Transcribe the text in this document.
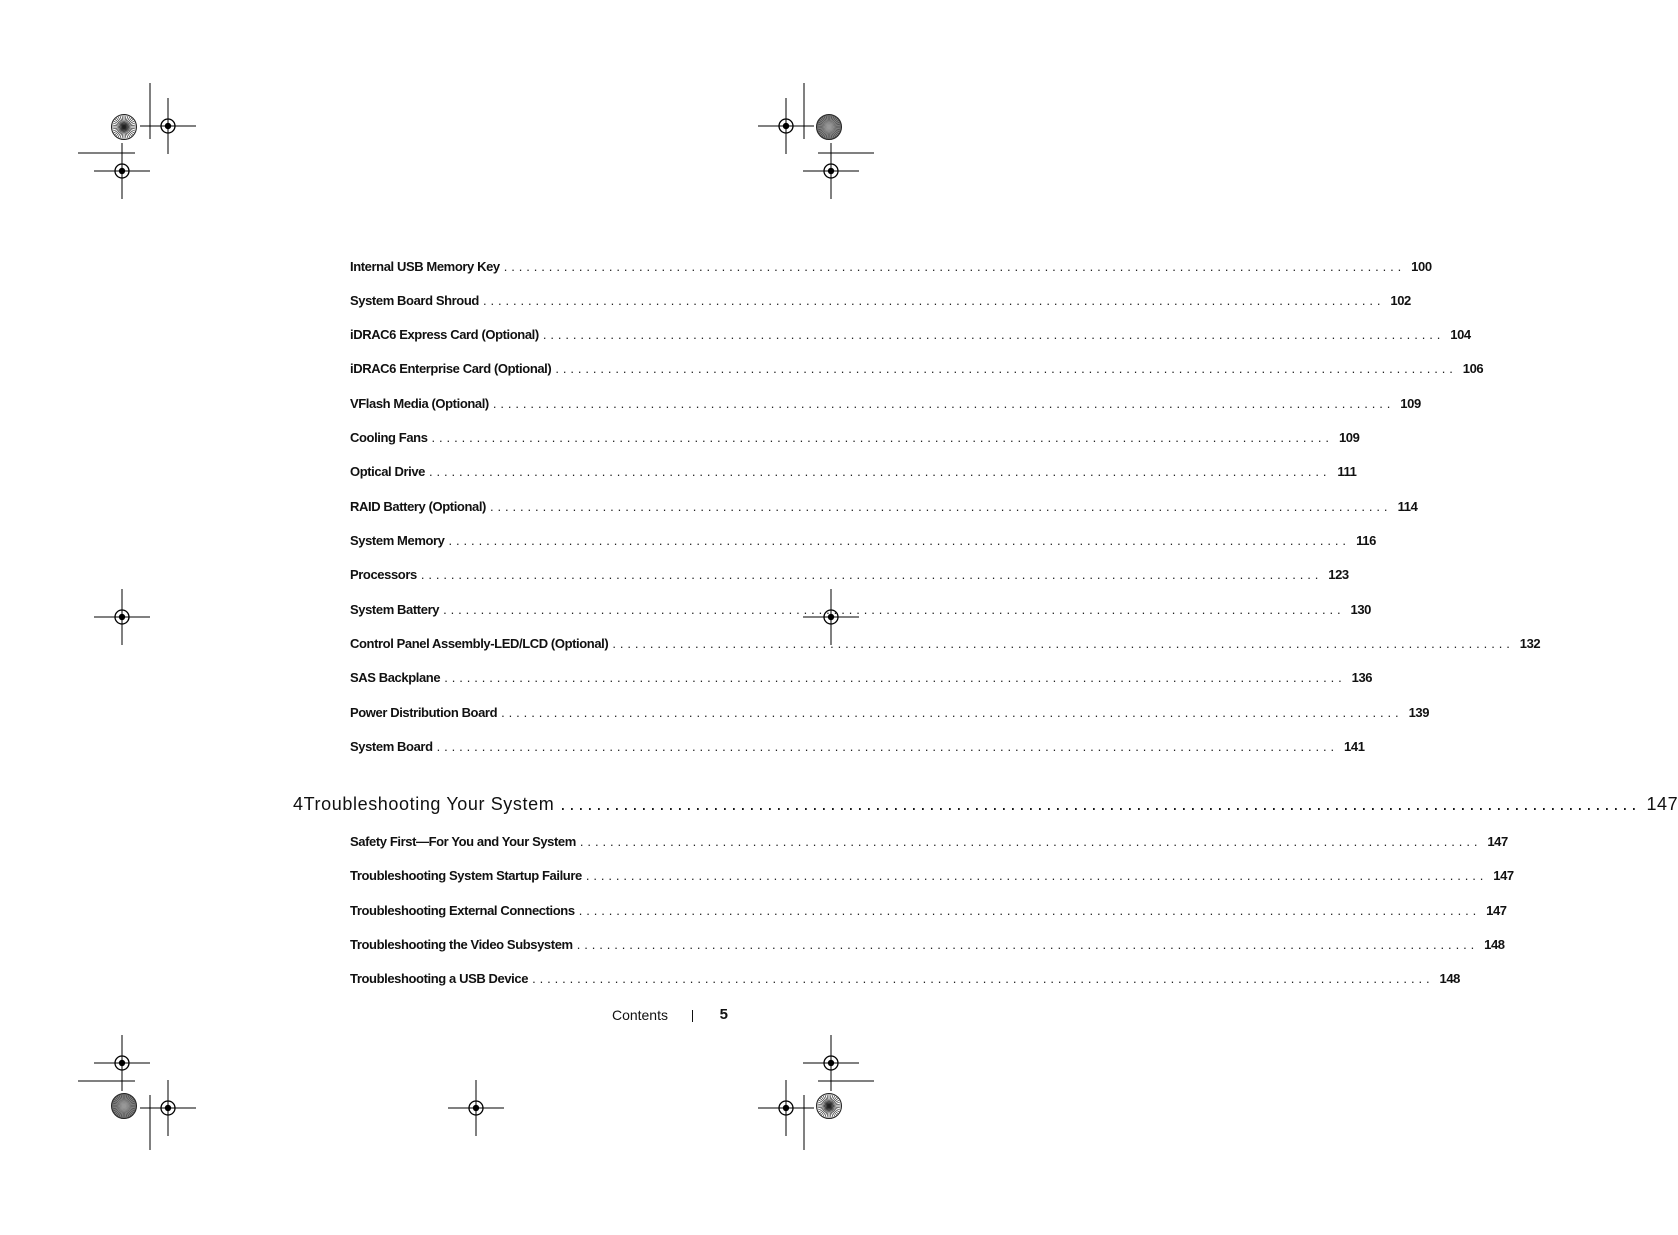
Internal USB Memory Key ........................................................................................................................ 100
System Board Shroud ........................................................................................................................ 102
iDRAC6 Express Card (Optional) ........................................................................................................................ 104
iDRAC6 Enterprise Card (Optional) ........................................................................................................................ 106
VFlash Media (Optional) ........................................................................................................................ 109
Cooling Fans ........................................................................................................................ 109
Optical Drive ........................................................................................................................ 111
RAID Battery (Optional) ........................................................................................................................ 114
System Memory ........................................................................................................................ 116
Processors ........................................................................................................................ 123
System Battery ........................................................................................................................ 130
Control Panel Assembly-LED/LCD (Optional) ........................................................................................................................ 132
SAS Backplane ........................................................................................................................ 136
Power Distribution Board ........................................................................................................................ 139
System Board ........................................................................................................................ 141
Safety First—For You and Your System ........................................................................................................................ 147
Troubleshooting System Startup Failure ........................................................................................................................ 147
Troubleshooting External Connections ........................................................................................................................ 147
Troubleshooting the Video Subsystem ........................................................................................................................ 148
Troubleshooting a USB Device ........................................................................................................................ 148
4 Troubleshooting Your System ........................................................................................................................ 147
Contents	5
